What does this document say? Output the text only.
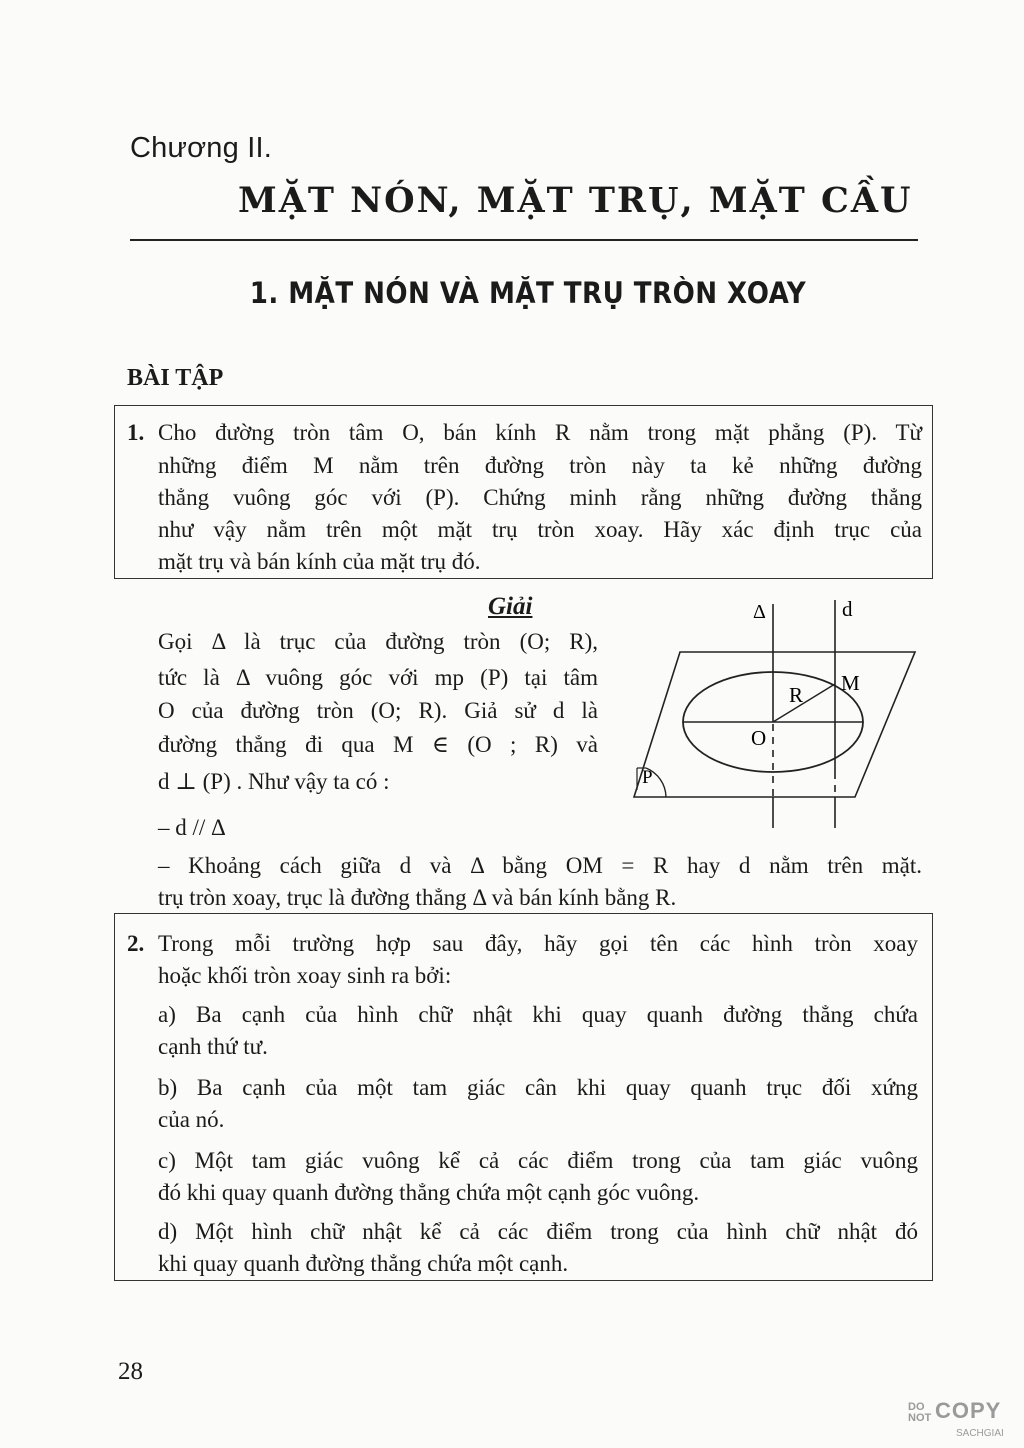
Chương II.
MẶT NÓN, MẶT TRỤ, MẶT CẦU
1. MẶT NÓN VÀ MẶT TRỤ TRÒN XOAY
BÀI TẬP
1. Cho đường tròn tâm O, bán kính R nằm trong mặt phẳng (P). Từ
những điểm M nằm trên đường tròn này ta kẻ những đường
thẳng vuông góc với (P). Chứng minh rằng những đường thẳng
như vậy nằm trên một mặt trụ tròn xoay. Hãy xác định trục của
mặt trụ và bán kính của mặt trụ đó.
Giải
Gọi Δ là trục của đường tròn (O; R),
tức là Δ vuông góc với mp (P) tại tâm
O của đường tròn (O; R). Giả sử d là
đường thẳng đi qua M ∈ (O ; R) và
d ⊥ (P) . Như vậy ta có :
– d // Δ
– Khoảng cách giữa d và Δ bằng OM = R hay d nằm trên mặt.
trụ tròn xoay, trục là đường thẳng Δ và bán kính bằng R.
Δ	d
M
R
O
P
2. Trong mỗi trường hợp sau đây, hãy gọi tên các hình tròn xoay
hoặc khối tròn xoay sinh ra bởi:
a) Ba cạnh của hình chữ nhật khi quay quanh đường thẳng chứa
cạnh thứ tư.
b) Ba cạnh của một tam giác cân khi quay quanh trục đối xứng
của nó.
c) Một tam giác vuông kể cả các điểm trong của tam giác vuông
đó khi quay quanh đường thẳng chứa một cạnh góc vuông.
d) Một hình chữ nhật kể cả các điểm trong của hình chữ nhật đó
khi quay quanh đường thẳng chứa một cạnh.
28
DO
NOT COPY
SACHGIAI
